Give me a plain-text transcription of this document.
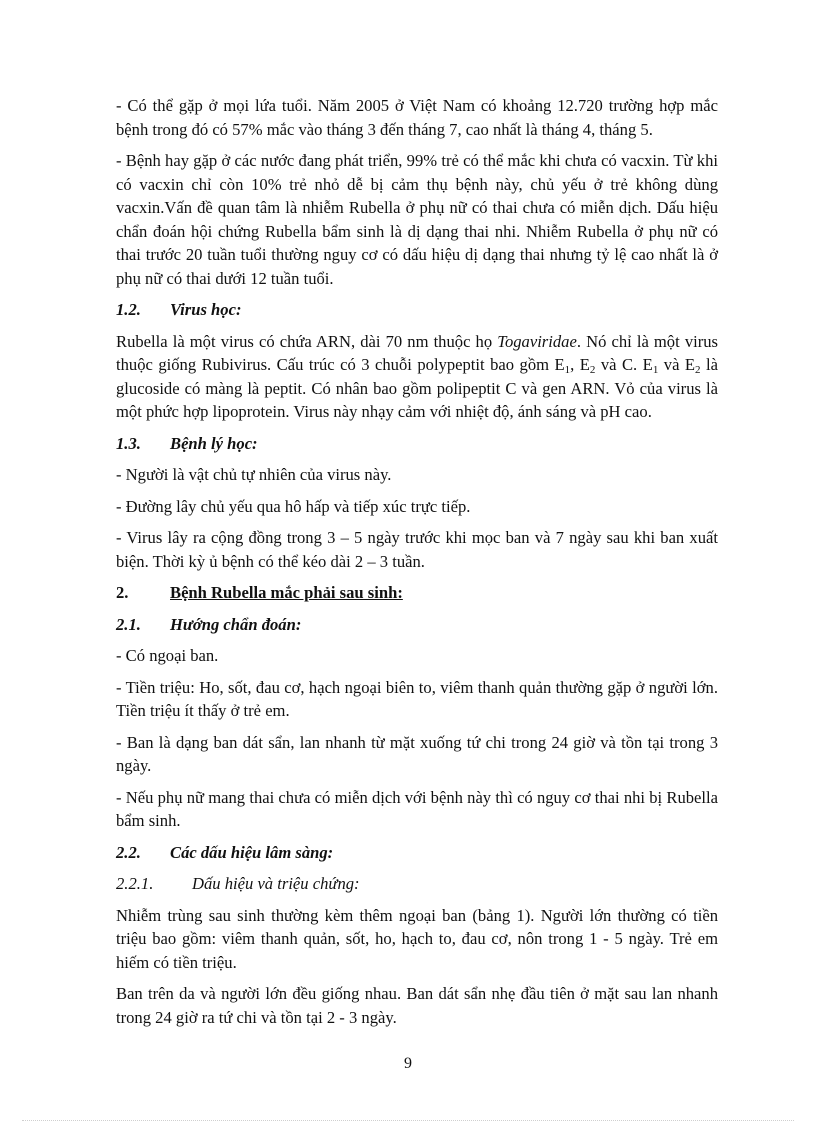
- Có thể gặp ở mọi lứa tuổi. Năm 2005 ở Việt Nam có khoảng 12.720 trường hợp mắc bệnh trong đó có 57% mắc vào tháng 3 đến tháng 7, cao nhất là tháng 4, tháng 5.

- Bệnh hay gặp ở các nước đang phát triển, 99% trẻ có thể mắc khi chưa có vacxin. Từ khi có vacxin chỉ còn 10% trẻ nhỏ dễ bị cảm thụ bệnh này, chủ yếu ở trẻ không dùng vacxin.Vấn đề quan tâm là nhiễm Rubella ở phụ nữ có thai chưa có miễn dịch. Dấu hiệu chẩn đoán hội chứng Rubella bẩm sinh là dị dạng thai nhi. Nhiễm Rubella ở phụ nữ có thai trước 20 tuần tuổi thường nguy cơ có dấu hiệu dị dạng thai nhưng tỷ lệ cao nhất là ở phụ nữ có thai dưới 12 tuần tuổi.

1.2. Virus học:

Rubella là một virus có chứa ARN, dài 70 nm thuộc họ Togaviridae. Nó chỉ là một virus thuộc giống Rubivirus. Cấu trúc có 3 chuỗi polypeptit bao gồm $E_1$, $E_2$ và C. $E_1$ và $E_2$ là glucoside có màng là peptit. Có nhân bao gồm polipeptit C và gen ARN. Vỏ của virus là một phức hợp lipoprotein. Virus này nhạy cảm với nhiệt độ, ánh sáng và pH cao.

1.3. Bệnh lý học:

- Người là vật chủ tự nhiên của virus này.

- Đường lây chủ yếu qua hô hấp và tiếp xúc trực tiếp.

- Virus lây ra cộng đồng trong 3 – 5 ngày trước khi mọc ban và 7 ngày sau khi ban xuất biện. Thời kỳ ủ bệnh có thể kéo dài 2 – 3 tuần.

2.	Bệnh Rubella mắc phải sau sinh:
2.1. Hướng chẩn đoán:

- Có ngoại ban.

- Tiền triệu: Ho, sốt, đau cơ, hạch ngoại biên to, viêm thanh quản thường gặp ở người lớn. Tiền triệu ít thấy ở trẻ em.

- Ban là dạng ban dát sẩn, lan nhanh từ mặt xuống tứ chi trong 24 giờ và tồn tại trong 3 ngày.

- Nếu phụ nữ mang thai chưa có miễn dịch với bệnh này thì có nguy cơ thai nhi bị Rubella bẩm sinh.

2.2. Các dấu hiệu lâm sàng:
2.2.1. Dấu hiệu và triệu chứng:

Nhiễm trùng sau sinh thường kèm thêm ngoại ban (bảng 1). Người lớn thường có tiền triệu bao gồm: viêm thanh quản, sốt, ho, hạch to, đau cơ, nôn trong 1 - 5 ngày. Trẻ em hiếm có tiền triệu.

Ban trên da và người lớn đều giống nhau. Ban dát sẩn nhẹ đầu tiên ở mặt sau lan nhanh trong 24 giờ ra tứ chi và tồn tại 2 - 3 ngày.

9
